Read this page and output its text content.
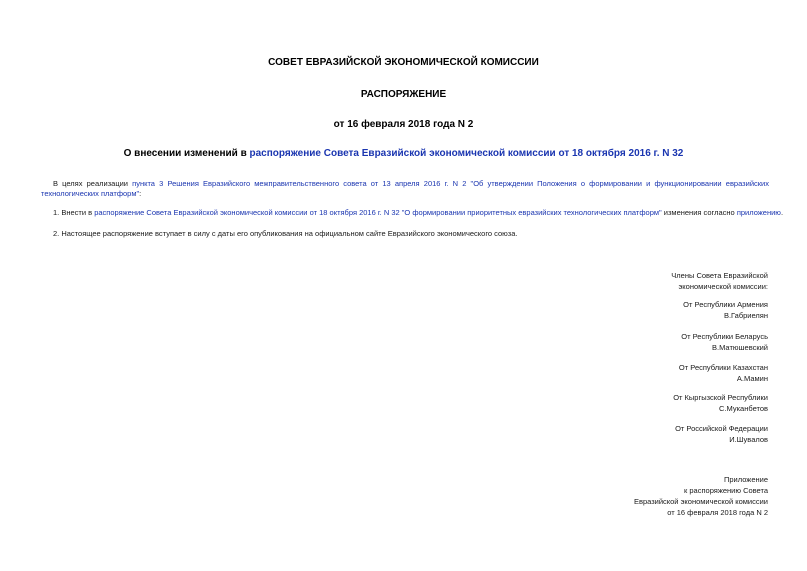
СОВЕТ ЕВРАЗИЙСКОЙ ЭКОНОМИЧЕСКОЙ КОМИССИИ
РАСПОРЯЖЕНИЕ
от 16 февраля 2018 года N 2
О внесении изменений в распоряжение Совета Евразийской экономической комиссии от 18 октября 2016 г. N 32
В целях реализации пункта 3 Решения Евразийского межправительственного совета от 13 апреля 2016 г. N 2 "Об утверждении Положения о формировании и функционировании евразийских технологических платформ":
1. Внести в распоряжение Совета Евразийской экономической комиссии от 18 октября 2016 г. N 32 "О формировании приоритетных евразийских технологических платформ" изменения согласно приложению.
2. Настоящее распоряжение вступает в силу с даты его опубликования на официальном сайте Евразийского экономического союза.
Члены Совета Евразийской
экономической комиссии:
От Республики Армения
В.Габриелян
От Республики Беларусь
В.Матюшевский
От Республики Казахстан
А.Мамин
От Кыргызской Республики
С.Муканбетов
От Российской Федерации
И.Шувалов
Приложение
к распоряжению Совета
Евразийской экономической комиссии
от 16 февраля 2018 года N 2
